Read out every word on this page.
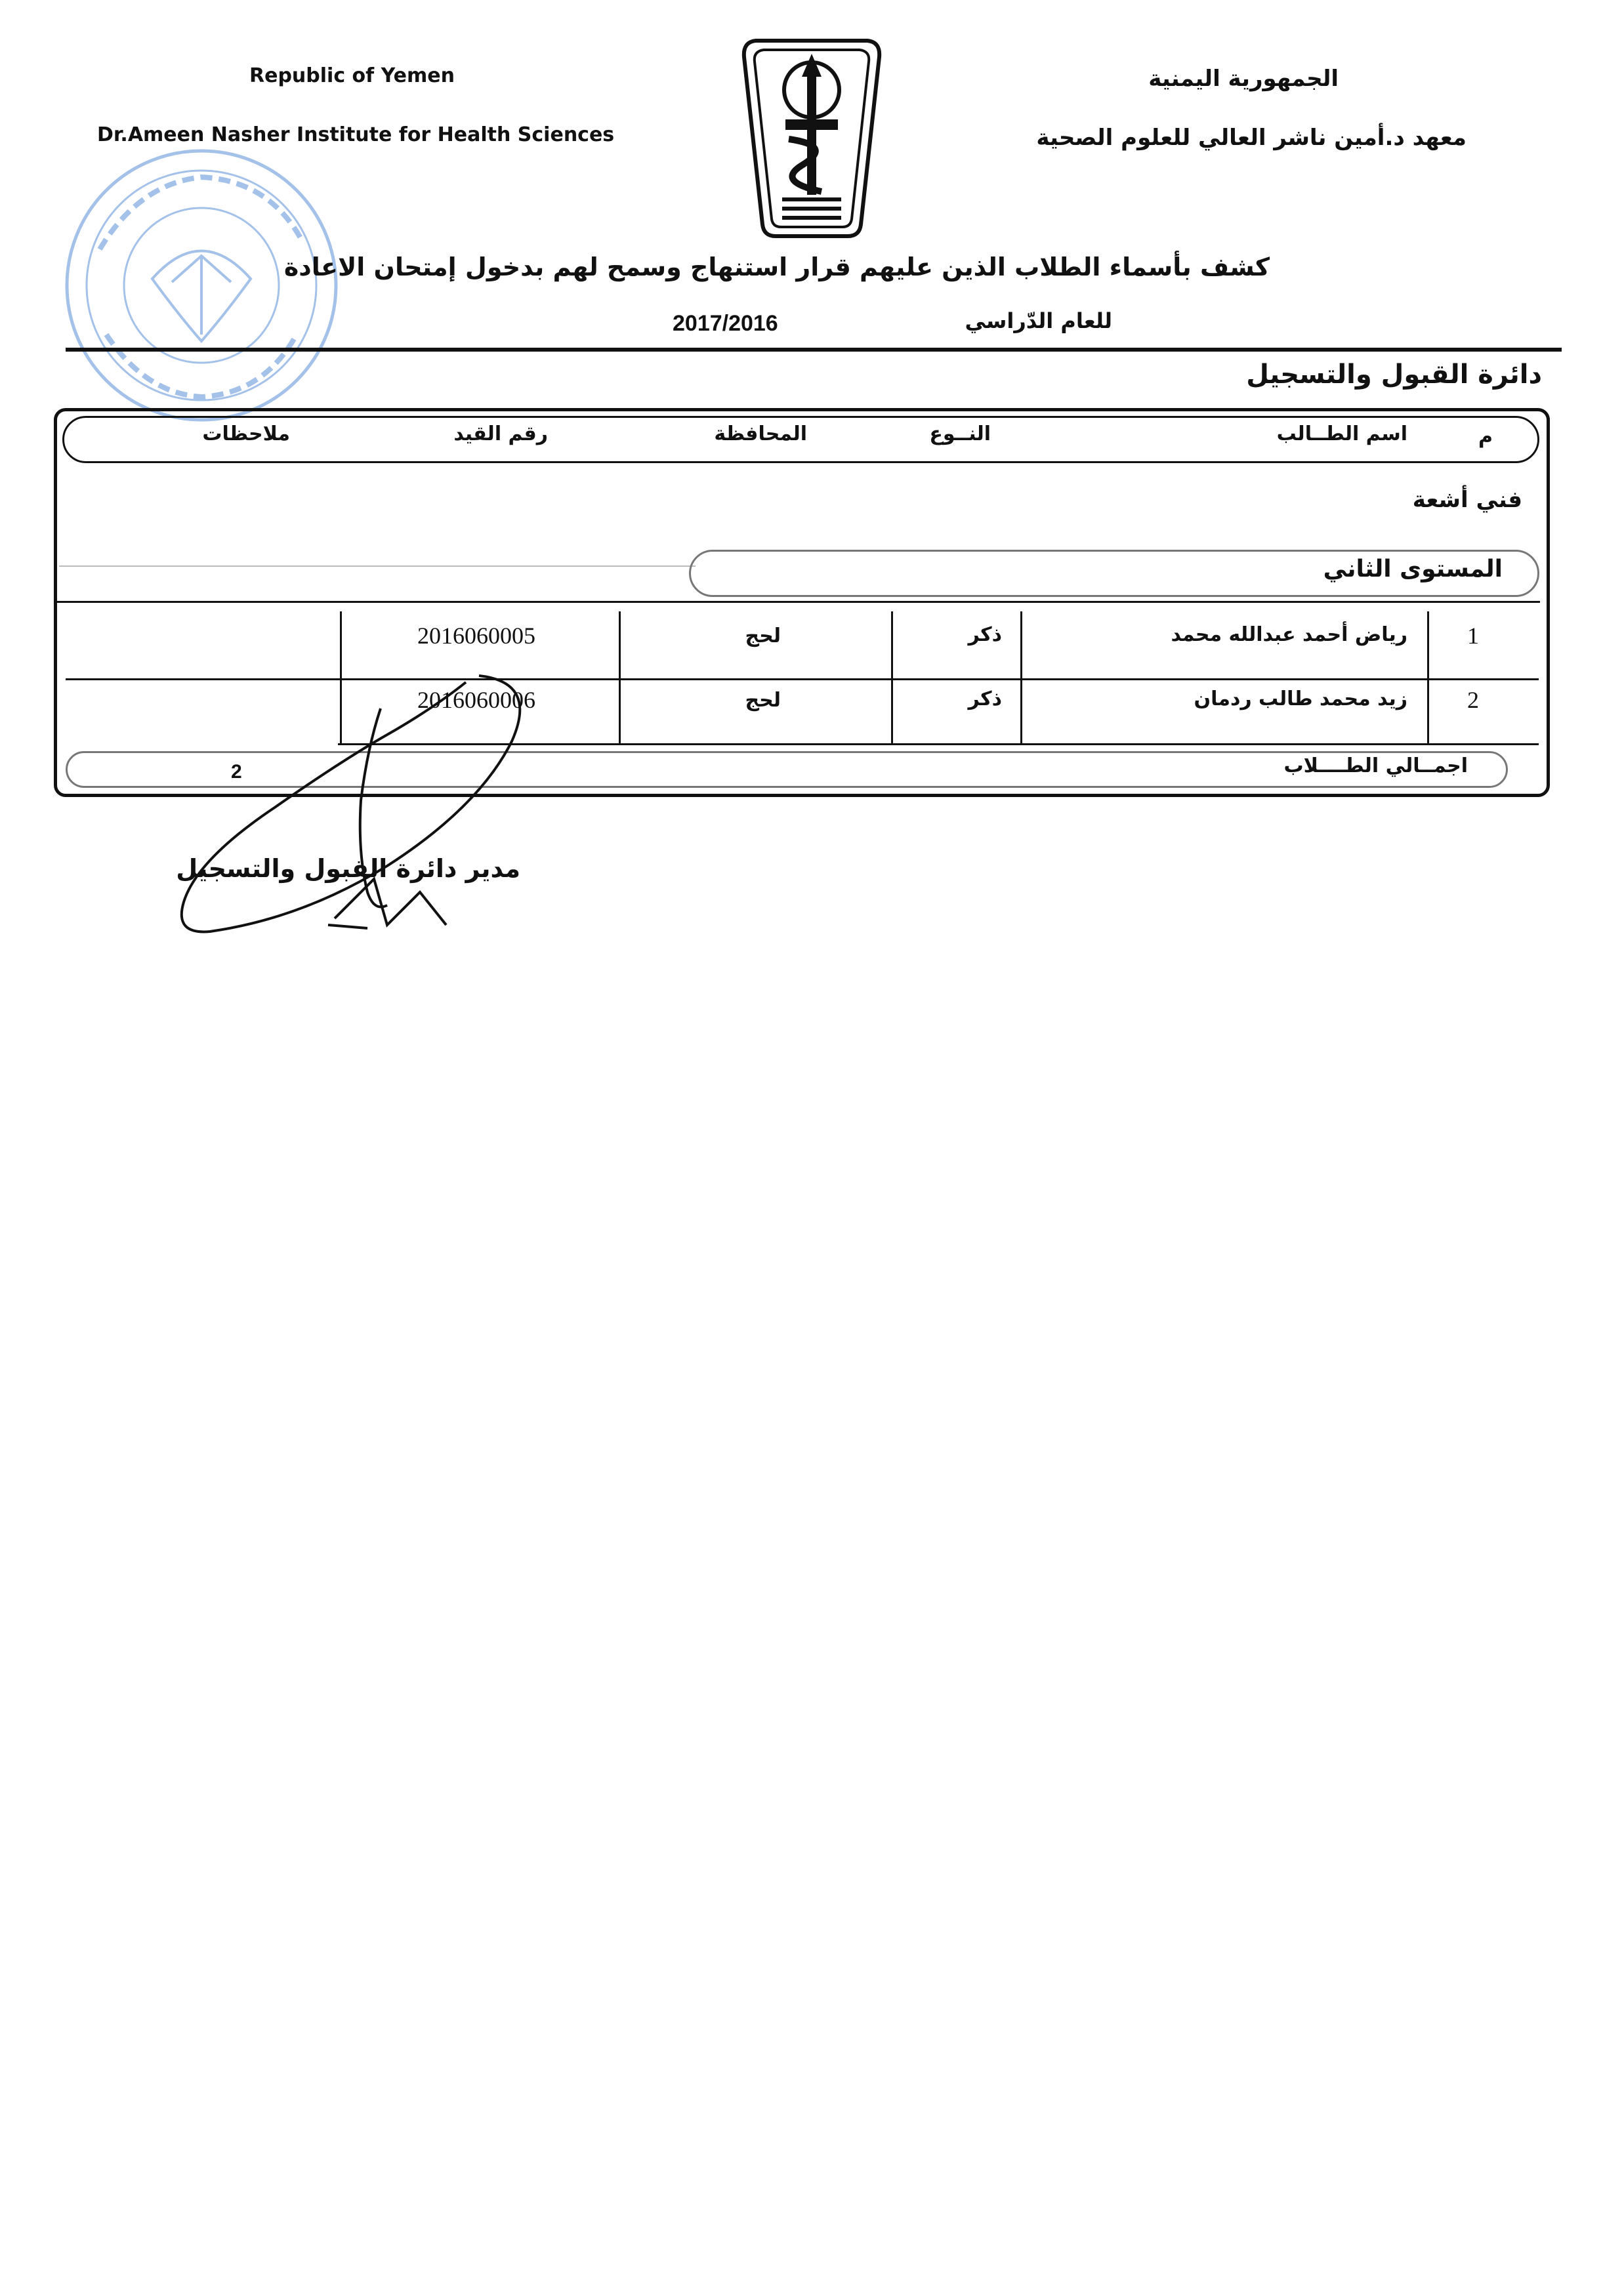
Republic of Yemen
Dr.Ameen Nasher Institute for Health Sciences
الجمهورية اليمنية
معهد د.أمين ناشر العالي للعلوم الصحية
كشف بأسماء الطلاب الذين عليهم قرار استنهاج وسمح لهم بدخول إمتحان الاعادة
للعام الدّراسي
2017/2016
دائرة القبول والتسجيل
م
اسم الطــالب
النــوع
المحافظة
رقم القيد
ملاحظات
فني أشعة
المستوى الثاني
1
رياض أحمد عبدالله محمد
ذكر
لحج
2016060005
2
زيد محمد طالب ردمان
ذكر
لحج
2016060006
اجمــالي الطــــلاب
2
مدير دائرة القبول والتسجيل
